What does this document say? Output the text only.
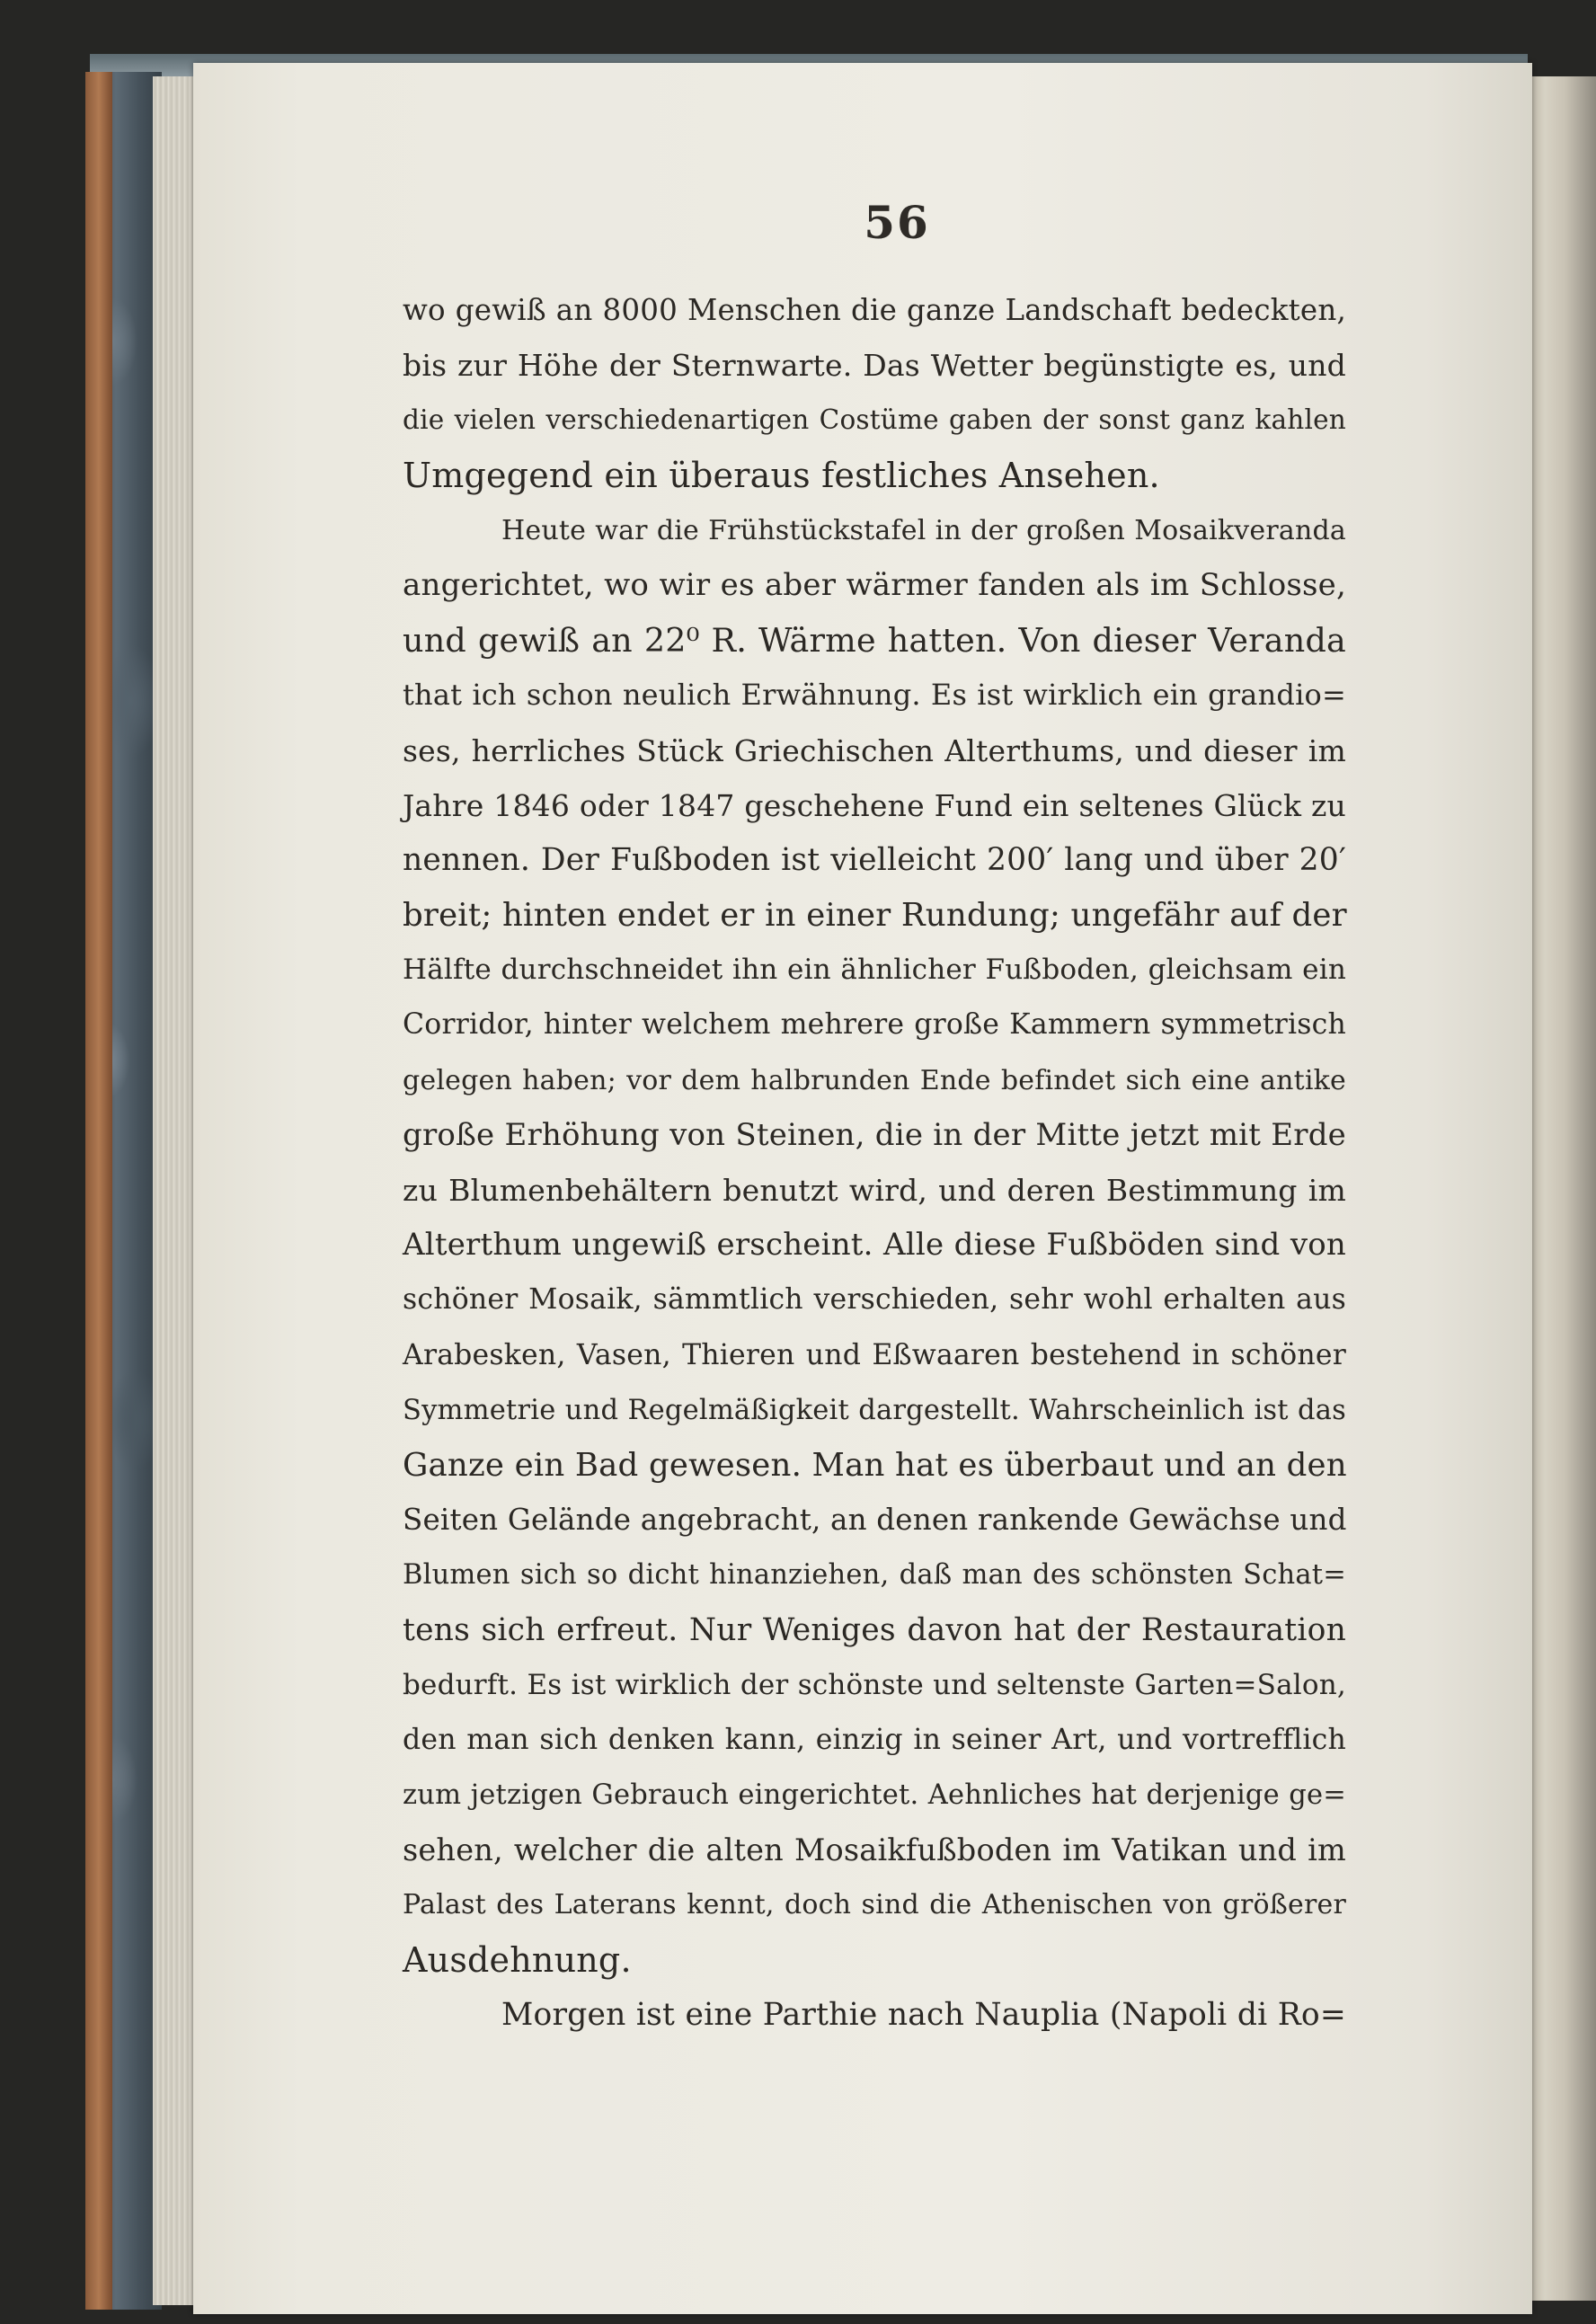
56
wo gewiß an 8000 Menschen die ganze Landschaft bedeckten,
bis zur Höhe der Sternwarte. Das Wetter begünstigte es, und
die vielen verschiedenartigen Costüme gaben der sonst ganz kahlen
Umgegend ein überaus festliches Ansehen.
Heute war die Frühstückstafel in der großen Mosaikveranda
angerichtet, wo wir es aber wärmer fanden als im Schlosse,
und gewiß an 22⁰ R. Wärme hatten. Von dieser Veranda
that ich schon neulich Erwähnung. Es ist wirklich ein grandio=
ses, herrliches Stück Griechischen Alterthums, und dieser im
Jahre 1846 oder 1847 geschehene Fund ein seltenes Glück zu
nennen. Der Fußboden ist vielleicht 200′ lang und über 20′
breit; hinten endet er in einer Rundung; ungefähr auf der
Hälfte durchschneidet ihn ein ähnlicher Fußboden, gleichsam ein
Corridor, hinter welchem mehrere große Kammern symmetrisch
gelegen haben; vor dem halbrunden Ende befindet sich eine antike
große Erhöhung von Steinen, die in der Mitte jetzt mit Erde
zu Blumenbehältern benutzt wird, und deren Bestimmung im
Alterthum ungewiß erscheint. Alle diese Fußböden sind von
schöner Mosaik, sämmtlich verschieden, sehr wohl erhalten aus
Arabesken, Vasen, Thieren und Eßwaaren bestehend in schöner
Symmetrie und Regelmäßigkeit dargestellt. Wahrscheinlich ist das
Ganze ein Bad gewesen. Man hat es überbaut und an den
Seiten Geländе angebracht, an denen rankende Gewächse und
Blumen sich so dicht hinanziehen, daß man des schönsten Schat=
tens sich erfreut. Nur Weniges davon hat der Restauration
bedurft. Es ist wirklich der schönste und seltenste Garten=Salon,
den man sich denken kann, einzig in seiner Art, und vortrefflich
zum jetzigen Gebrauch eingerichtet. Aehnliches hat derjenige ge=
sehen, welcher die alten Mosaikfußboden im Vatikan und im
Palast des Laterans kennt, doch sind die Athenischen von größerer
Ausdehnung.
Morgen ist eine Parthie nach Nauplia (Napoli di Ro=
